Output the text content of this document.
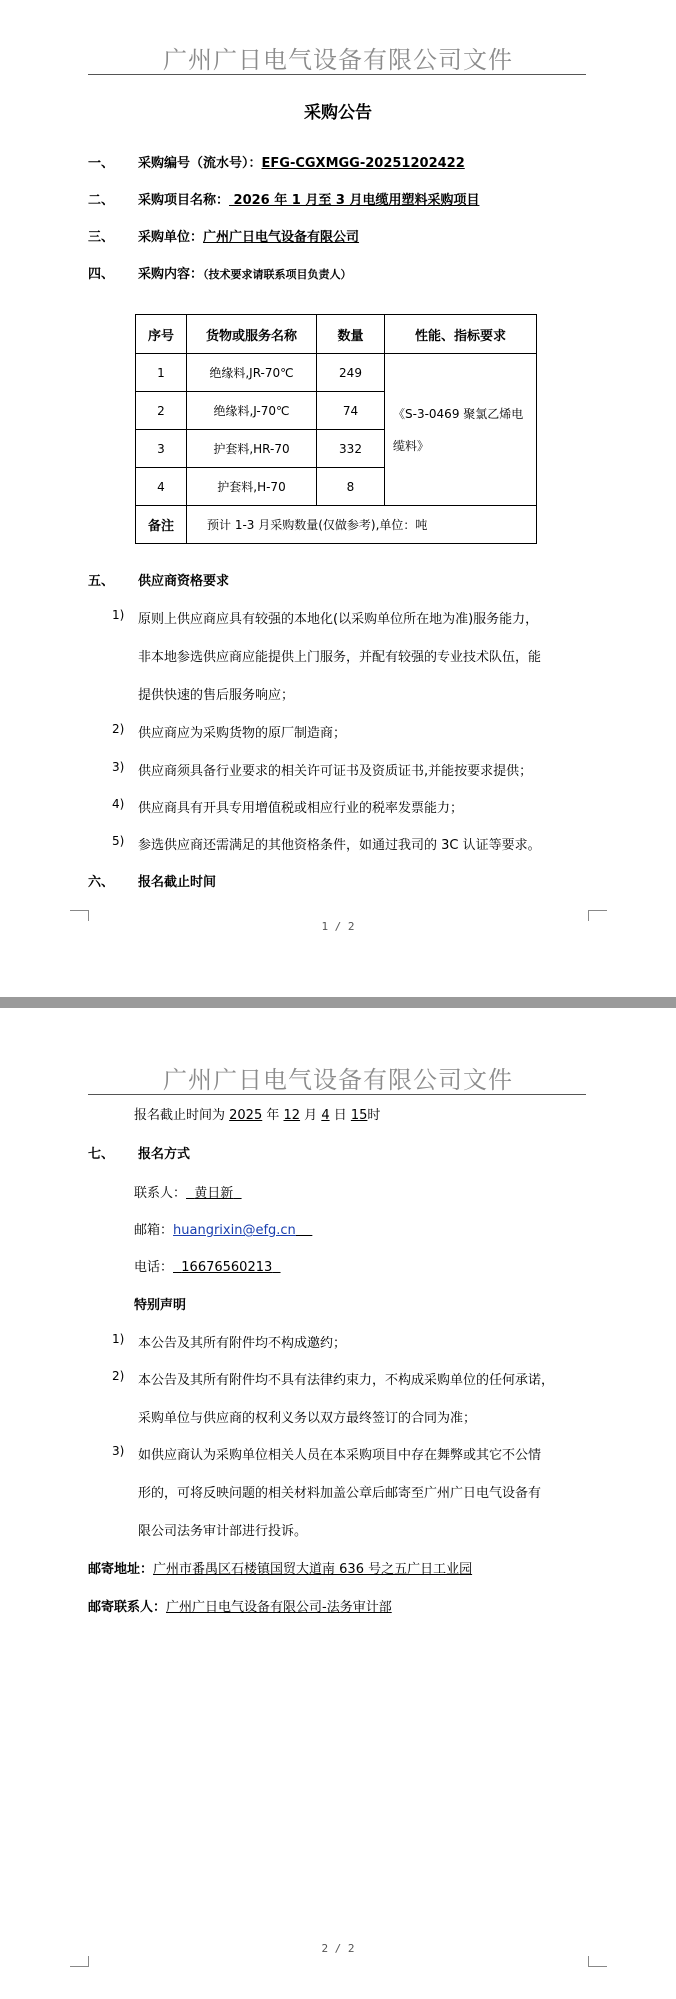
广州广日电气设备有限公司文件
采购公告
一、 采购编号（流水号）：EFG-CGXMGG-20251202422
二、 采购项目名称： 2026 年 1 月至 3 月电缆用塑料采购项目
三、 采购单位：广州广日电气设备有限公司
四、 采购内容：（技术要求请联系项目负责人）
序号	货物或服务名称	数量	性能、指标要求
1	绝缘料,JR-70℃	249	《S-3-0469 聚氯乙烯电
缆料》

2	绝缘料,J-70℃	74	
3	护套料,HR-70	332	
4	护套料,H-70	8	
备注	预计 1-3 月采购数量(仅做参考),单位：吨		
五、 供应商资格要求
1) 原则上供应商应具有较强的本地化(以采购单位所在地为准)服务能力，
非本地参选供应商应能提供上门服务，并配有较强的专业技术队伍，能
提供快速的售后服务响应；
2) 供应商应为采购货物的原厂制造商；
3) 供应商须具备行业要求的相关许可证书及资质证书,并能按要求提供；
4) 供应商具有开具专用增值税或相应行业的税率发票能力；
5) 参选供应商还需满足的其他资格条件，如通过我司的 3C 认证等要求。
六、 报名截止时间
1 / 2
广州广日电气设备有限公司文件
报名截止时间为 2025 年 12 月 4 日 15时
七、 报名方式
联系人： 黄日新
邮箱：huangrixin@efg.cn
电话： 16676560213
特别声明
1) 本公告及其所有附件均不构成邀约；
2) 本公告及其所有附件均不具有法律约束力，不构成采购单位的任何承诺，
采购单位与供应商的权利义务以双方最终签订的合同为准；
3) 如供应商认为采购单位相关人员在本采购项目中存在舞弊或其它不公情
形的，可将反映问题的相关材料加盖公章后邮寄至广州广日电气设备有
限公司法务审计部进行投诉。
邮寄地址：广州市番禺区石楼镇国贸大道南 636 号之五广日工业园
邮寄联系人：广州广日电气设备有限公司-法务审计部
2 / 2
